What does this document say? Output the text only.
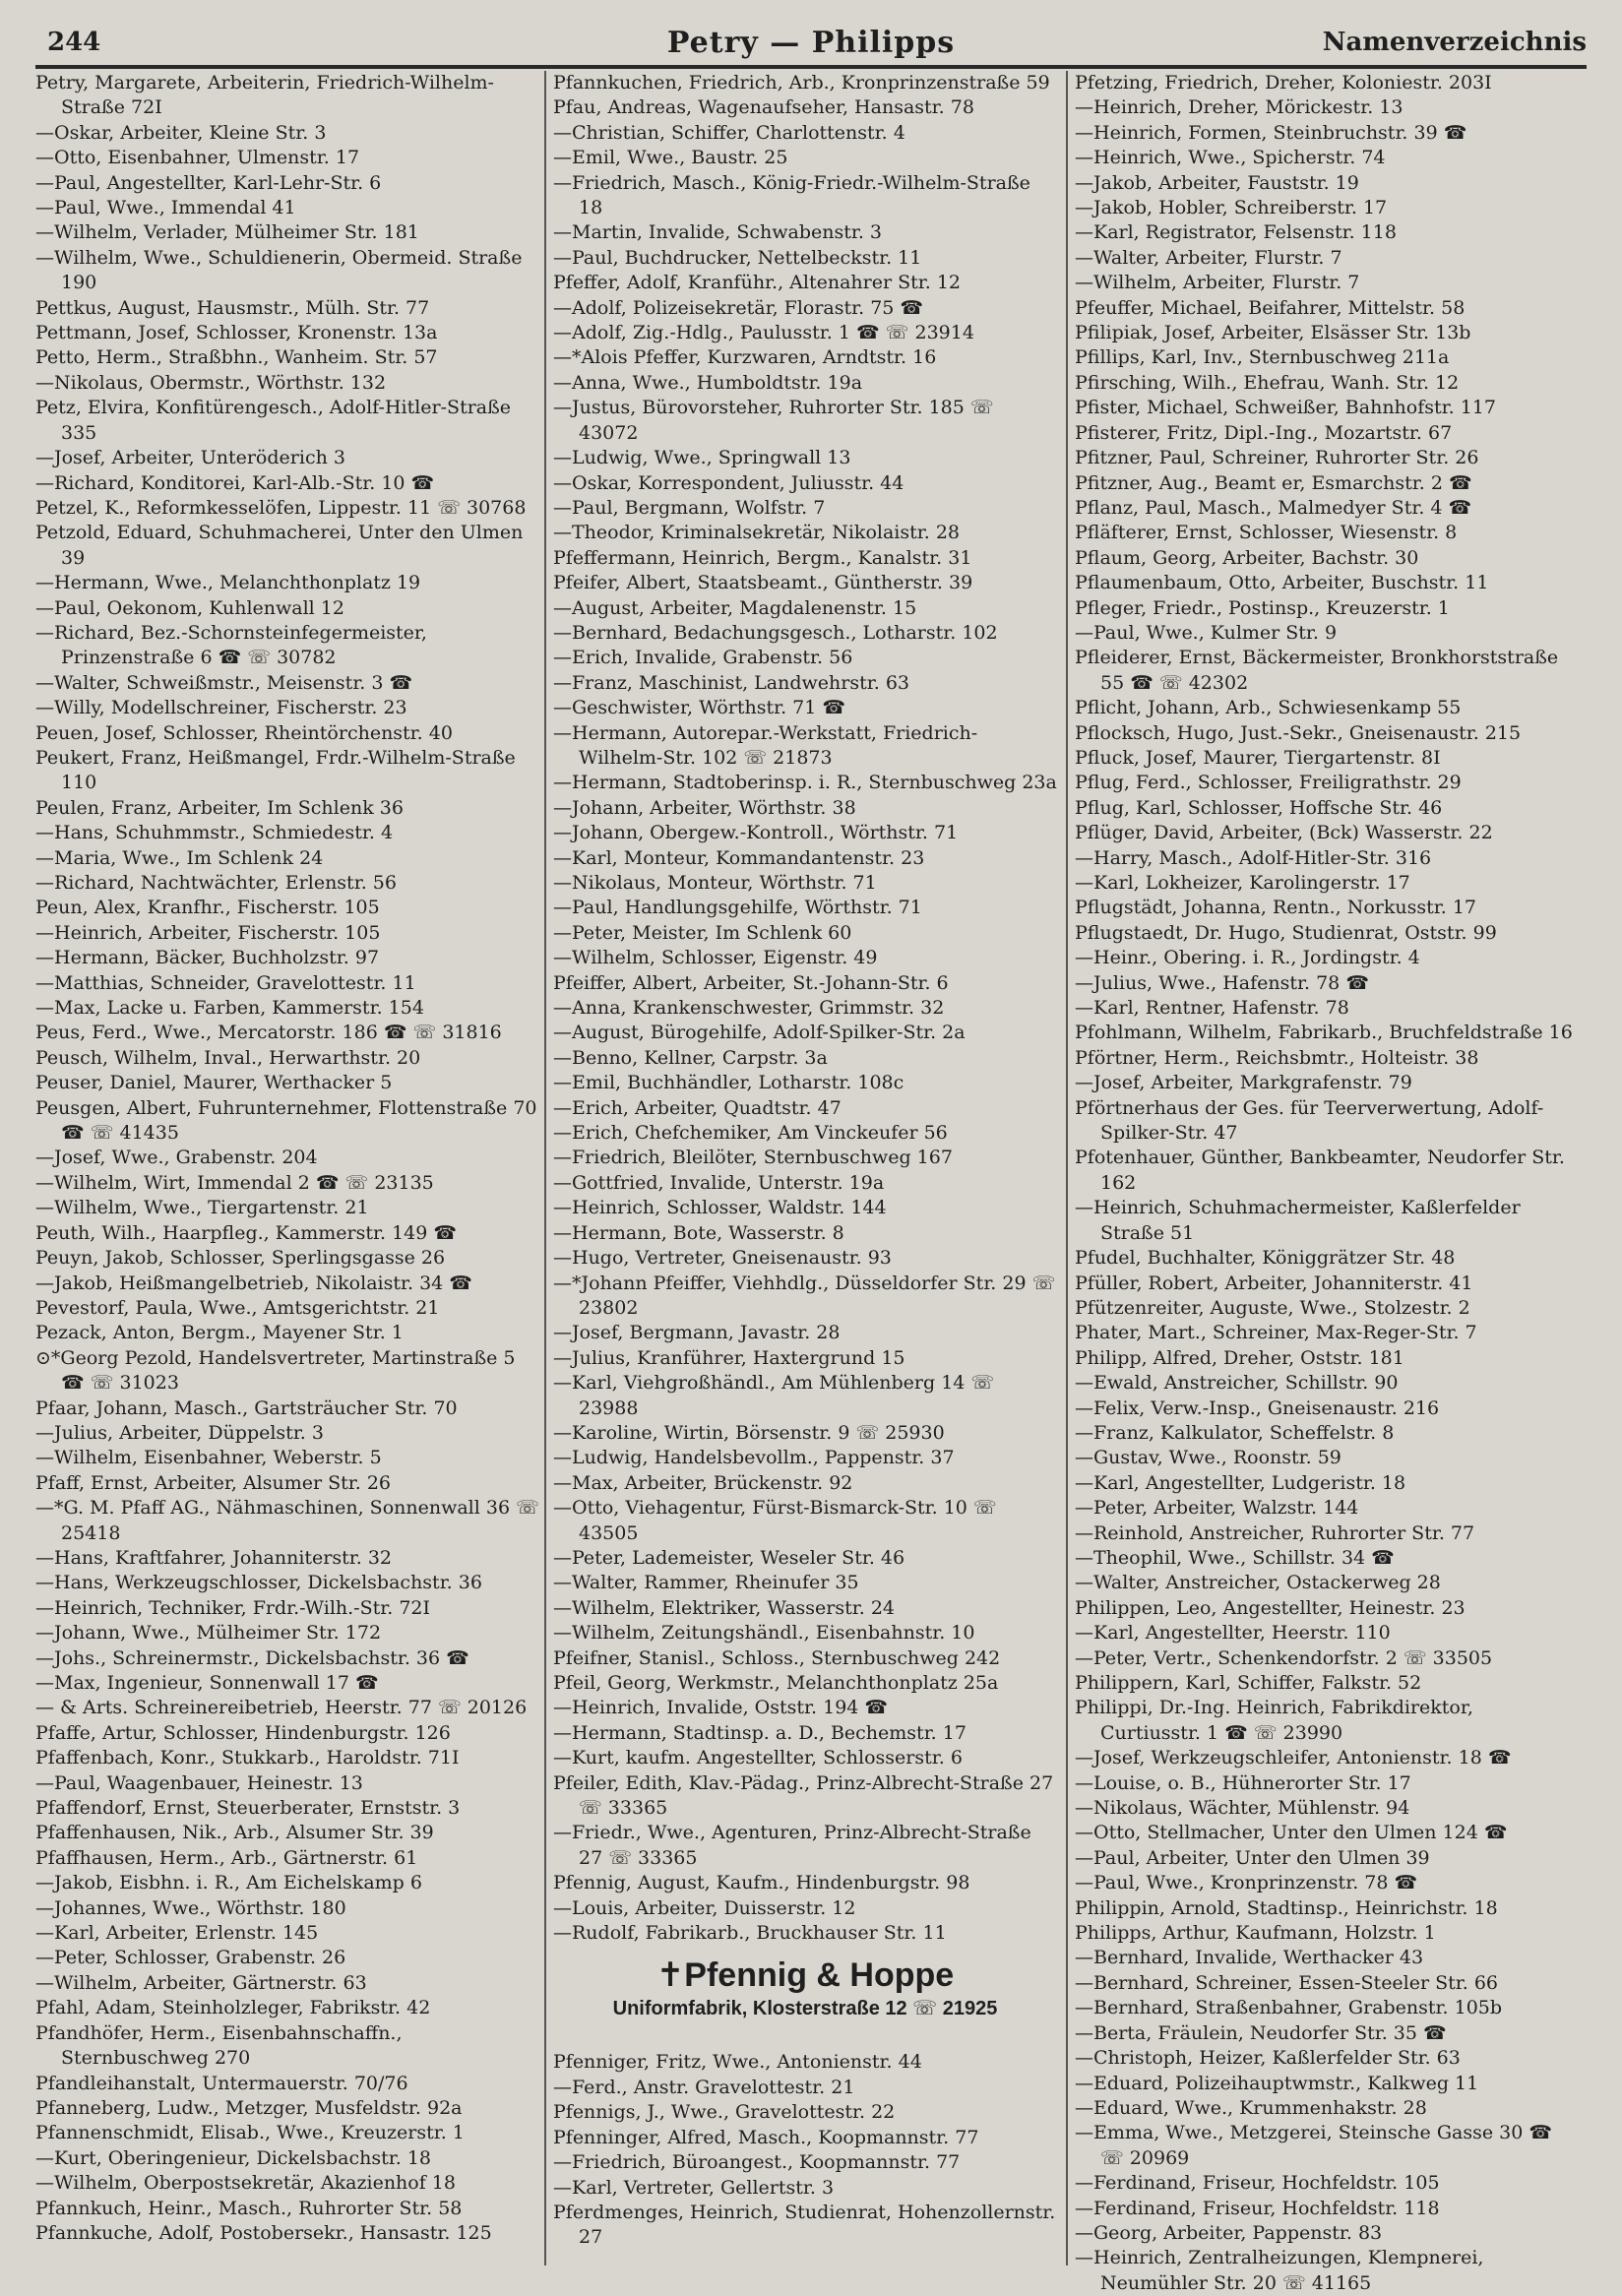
244	Petry — Philipps	Namenverzeichnis
Petry, Margarete, Arbeiterin, Friedrich-Wilhelm-Straße 72I
—Oskar, Arbeiter, Kleine Str. 3
—Otto, Eisenbahner, Ulmenstr. 17
—Paul, Angestellter, Karl-Lehr-Str. 6
—Paul, Wwe., Immendal 41
—Wilhelm, Verlader, Mülheimer Str. 181
—Wilhelm, Wwe., Schuldienerin, Obermeid. Straße 190
Pettkus, August, Hausmstr., Mülh. Str. 77
Pettmann, Josef, Schlosser, Kronenstr. 13a
Petto, Herm., Straßbhn., Wanheim. Str. 57
—Nikolaus, Obermstr., Wörthstr. 132
Petz, Elvira, Konfitürengesch., Adolf-Hitler-Straße 335
—Josef, Arbeiter, Unteröderich 3
—Richard, Konditorei, Karl-Alb.-Str. 10 ☎
Petzel, K., Reformkesselöfen, Lippestr. 11 ☏ 30768
Petzold, Eduard, Schuhmacherei, Unter den Ulmen 39
—Hermann, Wwe., Melanchthonplatz 19
—Paul, Oekonom, Kuhlenwall 12
—Richard, Bez.-Schornsteinfegermeister, Prinzenstraße 6 ☎ ☏ 30782
—Walter, Schweißmstr., Meisenstr. 3 ☎
—Willy, Modellschreiner, Fischerstr. 23
Peuen, Josef, Schlosser, Rheintörchenstr. 40
Peukert, Franz, Heißmangel, Frdr.-Wilhelm-Straße 110
Peulen, Franz, Arbeiter, Im Schlenk 36
—Hans, Schuhmmstr., Schmiedestr. 4
—Maria, Wwe., Im Schlenk 24
—Richard, Nachtwächter, Erlenstr. 56
Peun, Alex, Kranfhr., Fischerstr. 105
—Heinrich, Arbeiter, Fischerstr. 105
—Hermann, Bäcker, Buchholzstr. 97
—Matthias, Schneider, Gravelottestr. 11
—Max, Lacke u. Farben, Kammerstr. 154
Peus, Ferd., Wwe., Mercatorstr. 186 ☎ ☏ 31816
Peusch, Wilhelm, Inval., Herwarthstr. 20
Peuser, Daniel, Maurer, Werthacker 5
Peusgen, Albert, Fuhrunternehmer, Flottenstraße 70 ☎ ☏ 41435
—Josef, Wwe., Grabenstr. 204
—Wilhelm, Wirt, Immendal 2 ☎ ☏ 23135
—Wilhelm, Wwe., Tiergartenstr. 21
Peuth, Wilh., Haarpfleg., Kammerstr. 149 ☎
Peuyn, Jakob, Schlosser, Sperlingsgasse 26
—Jakob, Heißmangelbetrieb, Nikolaistr. 34 ☎
Pevestorf, Paula, Wwe., Amtsgerichtstr. 21
Pezack, Anton, Bergm., Mayener Str. 1
⊙*Georg Pezold, Handelsvertreter, Martinstraße 5 ☎ ☏ 31023
Pfaar, Johann, Masch., Gartsträucher Str. 70
—Julius, Arbeiter, Düppelstr. 3
—Wilhelm, Eisenbahner, Weberstr. 5
Pfaff, Ernst, Arbeiter, Alsumer Str. 26
—*G. M. Pfaff AG., Nähmaschinen, Sonnenwall 36 ☏ 25418
—Hans, Kraftfahrer, Johanniterstr. 32
—Hans, Werkzeugschlosser, Dickelsbachstr. 36
—Heinrich, Techniker, Frdr.-Wilh.-Str. 72I
—Johann, Wwe., Mülheimer Str. 172
—Johs., Schreinermstr., Dickelsbachstr. 36 ☎
—Max, Ingenieur, Sonnenwall 17 ☎
— & Arts. Schreinereibetrieb, Heerstr. 77 ☏ 20126
Pfaffe, Artur, Schlosser, Hindenburgstr. 126
Pfaffenbach, Konr., Stukkarb., Haroldstr. 71I
—Paul, Waagenbauer, Heinestr. 13
Pfaffendorf, Ernst, Steuerberater, Ernststr. 3
Pfaffenhausen, Nik., Arb., Alsumer Str. 39
Pfaffhausen, Herm., Arb., Gärtnerstr. 61
—Jakob, Eisbhn. i. R., Am Eichelskamp 6
—Johannes, Wwe., Wörthstr. 180
—Karl, Arbeiter, Erlenstr. 145
—Peter, Schlosser, Grabenstr. 26
—Wilhelm, Arbeiter, Gärtnerstr. 63
Pfahl, Adam, Steinholzleger, Fabrikstr. 42
Pfandhöfer, Herm., Eisenbahnschaffn., Sternbuschweg 270
Pfandleihanstalt, Untermauerstr. 70/76
Pfanneberg, Ludw., Metzger, Musfeldstr. 92a
Pfannenschmidt, Elisab., Wwe., Kreuzerstr. 1
—Kurt, Oberingenieur, Dickelsbachstr. 18
—Wilhelm, Oberpostsekretär, Akazienhof 18
Pfannkuch, Heinr., Masch., Ruhrorter Str. 58
Pfannkuche, Adolf, Postobersekr., Hansastr. 125
Pfannkuchen, Friedrich, Arb., Kronprinzenstraße 59
Pfau, Andreas, Wagenaufseher, Hansastr. 78
—Christian, Schiffer, Charlottenstr. 4
—Emil, Wwe., Baustr. 25
—Friedrich, Masch., König-Friedr.-Wilhelm-Straße 18
—Martin, Invalide, Schwabenstr. 3
—Paul, Buchdrucker, Nettelbeckstr. 11
Pfeffer, Adolf, Kranführ., Altenahrer Str. 12
—Adolf, Polizeisekretär, Florastr. 75 ☎
—Adolf, Zig.-Hdlg., Paulusstr. 1 ☎ ☏ 23914
—*Alois Pfeffer, Kurzwaren, Arndtstr. 16
—Anna, Wwe., Humboldtstr. 19a
—Justus, Bürovorsteher, Ruhrorter Str. 185 ☏ 43072
—Ludwig, Wwe., Springwall 13
—Oskar, Korrespondent, Juliusstr. 44
—Paul, Bergmann, Wolfstr. 7
—Theodor, Kriminalsekretär, Nikolaistr. 28
Pfeffermann, Heinrich, Bergm., Kanalstr. 31
Pfeifer, Albert, Staatsbeamt., Güntherstr. 39
—August, Arbeiter, Magdalenenstr. 15
—Bernhard, Bedachungsgesch., Lotharstr. 102
—Erich, Invalide, Grabenstr. 56
—Franz, Maschinist, Landwehrstr. 63
—Geschwister, Wörthstr. 71 ☎
—Hermann, Autorepar.-Werkstatt, Friedrich-Wilhelm-Str. 102 ☏ 21873
—Hermann, Stadtoberinsp. i. R., Sternbuschweg 23a
—Johann, Arbeiter, Wörthstr. 38
—Johann, Obergew.-Kontroll., Wörthstr. 71
—Karl, Monteur, Kommandantenstr. 23
—Nikolaus, Monteur, Wörthstr. 71
—Paul, Handlungsgehilfe, Wörthstr. 71
—Peter, Meister, Im Schlenk 60
—Wilhelm, Schlosser, Eigenstr. 49
Pfeiffer, Albert, Arbeiter, St.-Johann-Str. 6
—Anna, Krankenschwester, Grimmstr. 32
—August, Bürogehilfe, Adolf-Spilker-Str. 2a
—Benno, Kellner, Carpstr. 3a
—Emil, Buchhändler, Lotharstr. 108c
—Erich, Arbeiter, Quadtstr. 47
—Erich, Chefchemiker, Am Vinckeufer 56
—Friedrich, Bleilöter, Sternbuschweg 167
—Gottfried, Invalide, Unterstr. 19a
—Heinrich, Schlosser, Waldstr. 144
—Hermann, Bote, Wasserstr. 8
—Hugo, Vertreter, Gneisenaustr. 93
—*Johann Pfeiffer, Viehhdlg., Düsseldorfer Str. 29 ☏ 23802
—Josef, Bergmann, Javastr. 28
—Julius, Kranführer, Haxtergrund 15
—Karl, Viehgroßhändl., Am Mühlenberg 14 ☏ 23988
—Karoline, Wirtin, Börsenstr. 9 ☏ 25930
—Ludwig, Handelsbevollm., Pappenstr. 37
—Max, Arbeiter, Brückenstr. 92
—Otto, Viehagentur, Fürst-Bismarck-Str. 10 ☏ 43505
—Peter, Lademeister, Weseler Str. 46
—Walter, Rammer, Rheinufer 35
—Wilhelm, Elektriker, Wasserstr. 24
—Wilhelm, Zeitungshändl., Eisenbahnstr. 10
Pfeifner, Stanisl., Schloss., Sternbuschweg 242
Pfeil, Georg, Werkmstr., Melanchthonplatz 25a
—Heinrich, Invalide, Oststr. 194 ☎
—Hermann, Stadtinsp. a. D., Bechemstr. 17
—Kurt, kaufm. Angestellter, Schlosserstr. 6
Pfeiler, Edith, Klav.-Pädag., Prinz-Albrecht-Straße 27 ☏ 33365
—Friedr., Wwe., Agenturen, Prinz-Albrecht-Straße 27 ☏ 33365
Pfennig, August, Kaufm., Hindenburgstr. 98
—Louis, Arbeiter, Duisserstr. 12
—Rudolf, Fabrikarb., Bruckhauser Str. 11
✝Pfennig & Hoppe
Uniformfabrik, Klosterstraße 12 ☏ 21925
Pfenniger, Fritz, Wwe., Antonienstr. 44
—Ferd., Anstr. Gravelottestr. 21
Pfennigs, J., Wwe., Gravelottestr. 22
Pfenninger, Alfred, Masch., Koopmannstr. 77
—Friedrich, Büroangest., Koopmannstr. 77
—Karl, Vertreter, Gellertstr. 3
Pferdmenges, Heinrich, Studienrat, Hohenzollernstr. 27
Pfetzing, Friedrich, Dreher, Koloniestr. 203I
—Heinrich, Dreher, Mörickestr. 13
—Heinrich, Formen, Steinbruchstr. 39 ☎
—Heinrich, Wwe., Spicherstr. 74
—Jakob, Arbeiter, Fauststr. 19
—Jakob, Hobler, Schreiberstr. 17
—Karl, Registrator, Felsenstr. 118
—Walter, Arbeiter, Flurstr. 7
—Wilhelm, Arbeiter, Flurstr. 7
Pfeuffer, Michael, Beifahrer, Mittelstr. 58
Pfilipiak, Josef, Arbeiter, Elsässer Str. 13b
Pfillips, Karl, Inv., Sternbuschweg 211a
Pfirsching, Wilh., Ehefrau, Wanh. Str. 12
Pfister, Michael, Schweißer, Bahnhofstr. 117
Pfisterer, Fritz, Dipl.-Ing., Mozartstr. 67
Pfitzner, Paul, Schreiner, Ruhrorter Str. 26
Pfitzner, Aug., Beamt er, Esmarchstr. 2 ☎
Pflanz, Paul, Masch., Malmedyer Str. 4 ☎
Pfläfterer, Ernst, Schlosser, Wiesenstr. 8
Pflaum, Georg, Arbeiter, Bachstr. 30
Pflaumenbaum, Otto, Arbeiter, Buschstr. 11
Pfleger, Friedr., Postinsp., Kreuzerstr. 1
—Paul, Wwe., Kulmer Str. 9
Pfleiderer, Ernst, Bäckermeister, Bronkhorststraße 55 ☎ ☏ 42302
Pflicht, Johann, Arb., Schwiesenkamp 55
Pflocksch, Hugo, Just.-Sekr., Gneisenaustr. 215
Pfluck, Josef, Maurer, Tiergartenstr. 8I
Pflug, Ferd., Schlosser, Freiligrathstr. 29
Pflug, Karl, Schlosser, Hoffsche Str. 46
Pflüger, David, Arbeiter, (Bck) Wasserstr. 22
—Harry, Masch., Adolf-Hitler-Str. 316
—Karl, Lokheizer, Karolingerstr. 17
Pflugstädt, Johanna, Rentn., Norkusstr. 17
Pflugstaedt, Dr. Hugo, Studienrat, Oststr. 99
—Heinr., Obering. i. R., Jordingstr. 4
—Julius, Wwe., Hafenstr. 78 ☎
—Karl, Rentner, Hafenstr. 78
Pfohlmann, Wilhelm, Fabrikarb., Bruchfeldstraße 16
Pförtner, Herm., Reichsbmtr., Holteistr. 38
—Josef, Arbeiter, Markgrafenstr. 79
Pförtnerhaus der Ges. für Teerverwertung, Adolf-Spilker-Str. 47
Pfotenhauer, Günther, Bankbeamter, Neudorfer Str. 162
—Heinrich, Schuhmachermeister, Kaßlerfelder Straße 51
Pfudel, Buchhalter, Königgrätzer Str. 48
Pfüller, Robert, Arbeiter, Johanniterstr. 41
Pfützenreiter, Auguste, Wwe., Stolzestr. 2
Phater, Mart., Schreiner, Max-Reger-Str. 7
Philipp, Alfred, Dreher, Oststr. 181
—Ewald, Anstreicher, Schillstr. 90
—Felix, Verw.-Insp., Gneisenaustr. 216
—Franz, Kalkulator, Scheffelstr. 8
—Gustav, Wwe., Roonstr. 59
—Karl, Angestellter, Ludgeristr. 18
—Peter, Arbeiter, Walzstr. 144
—Reinhold, Anstreicher, Ruhrorter Str. 77
—Theophil, Wwe., Schillstr. 34 ☎
—Walter, Anstreicher, Ostackerweg 28
Philippen, Leo, Angestellter, Heinestr. 23
—Karl, Angestellter, Heerstr. 110
—Peter, Vertr., Schenkendorfstr. 2 ☏ 33505
Philippern, Karl, Schiffer, Falkstr. 52
Philippi, Dr.-Ing. Heinrich, Fabrikdirektor, Curtiusstr. 1 ☎ ☏ 23990
—Josef, Werkzeugschleifer, Antonienstr. 18 ☎
—Louise, o. B., Hühnerorter Str. 17
—Nikolaus, Wächter, Mühlenstr. 94
—Otto, Stellmacher, Unter den Ulmen 124 ☎
—Paul, Arbeiter, Unter den Ulmen 39
—Paul, Wwe., Kronprinzenstr. 78 ☎
Philippin, Arnold, Stadtinsp., Heinrichstr. 18
Philipps, Arthur, Kaufmann, Holzstr. 1
—Bernhard, Invalide, Werthacker 43
—Bernhard, Schreiner, Essen-Steeler Str. 66
—Bernhard, Straßenbahner, Grabenstr. 105b
—Berta, Fräulein, Neudorfer Str. 35 ☎
—Christoph, Heizer, Kaßlerfelder Str. 63
—Eduard, Polizeihauptwmstr., Kalkweg 11
—Eduard, Wwe., Krummenhakstr. 28
—Emma, Wwe., Metzgerei, Steinsche Gasse 30 ☎ ☏ 20969
—Ferdinand, Friseur, Hochfeldstr. 105
—Ferdinand, Friseur, Hochfeldstr. 118
—Georg, Arbeiter, Pappenstr. 83
—Heinrich, Zentralheizungen, Klempnerei, Neumühler Str. 20 ☏ 41165
